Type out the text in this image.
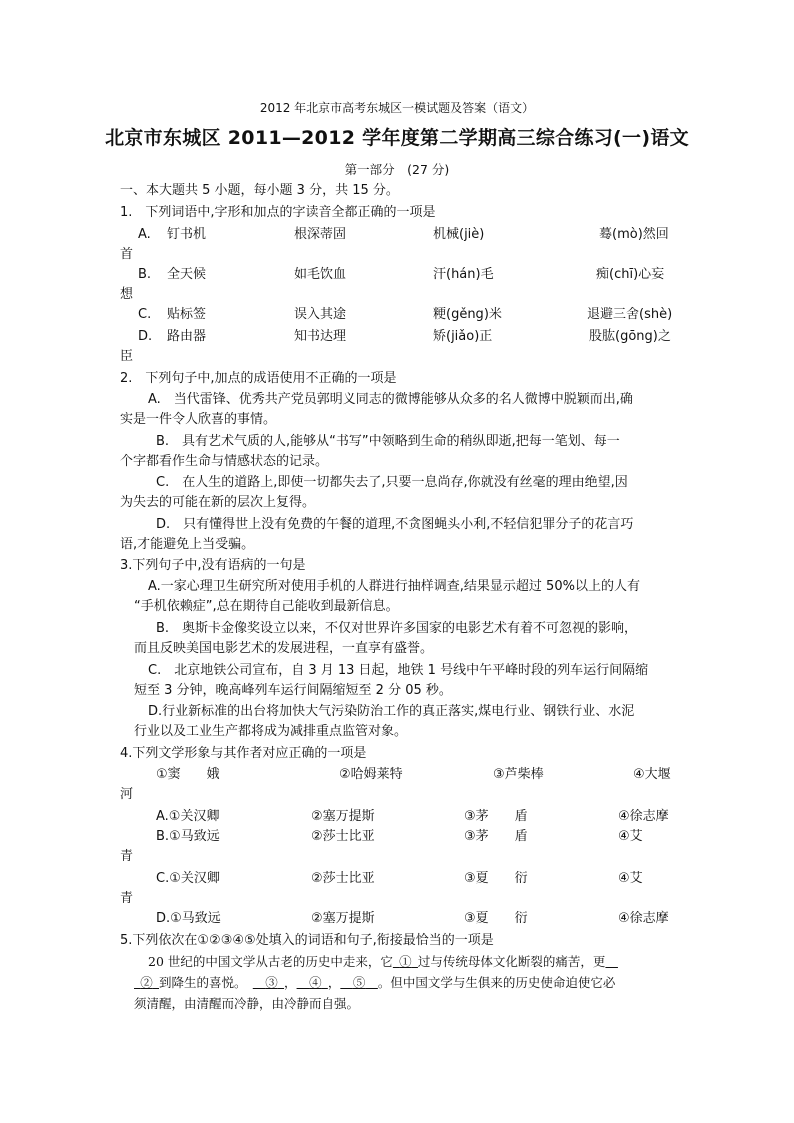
2012 年北京市高考东城区一模试题及答案（语文）
北京市东城区 2011—2012 学年度第二学期高三综合练习(一)语文
第一部分　(27 分)
一、本大题共 5 小题，每小题 3 分，共 15 分。
1.　下列词语中,字形和加点的字读音全都正确的一项是
A. 钉书机	根深蒂固	机械(jiè)	蓦(mò)然回
首
B. 全天候	如毛饮血	汗(hán)毛	痴(chī)心妄
想
C. 贴标签	误入其途	粳(gěng)米	退避三舍(shè)
D. 路由器	知书达理	矫(jiǎo)正	股肱(gōng)之
臣
2.　下列句子中,加点的成语使用不正确的一项是
A.　当代雷锋、优秀共产党员郭明义同志的微博能够从众多的名人微博中脱颖而出,确
实是一件令人欣喜的事情。
B.　具有艺术气质的人,能够从“书写”中领略到生命的稍纵即逝,把每一笔划、每一
个字都看作生命与情感状态的记录。
C.　在人生的道路上,即使一切都失去了,只要一息尚存,你就没有丝毫的理由绝望,因
为失去的可能在新的层次上复得。
D.　只有懂得世上没有免费的午餐的道理,不贪图蝇头小利,不轻信犯罪分子的花言巧
语,才能避免上当受骗。
3.下列句子中,没有语病的一句是
A.一家心理卫生研究所对使用手机的人群进行抽样调查,结果显示超过 50%以上的人有
“手机依赖症”,总在期待自己能收到最新信息。
B.　奥斯卡金像奖设立以来，不仅对世界许多国家的电影艺术有着不可忽视的影响，
而且反映美国电影艺术的发展进程，一直享有盛誉。
C.　北京地铁公司宣布，自 3 月 13 日起，地铁 1 号线中午平峰时段的列车运行间隔缩
短至 3 分钟，晚高峰列车运行间隔缩短至 2 分 05 秒。
D.行业新标准的出台将加快大气污染防治工作的真正落实,煤电行业、钢铁行业、水泥
行业以及工业生产都将成为减排重点监管对象。
4.下列文学形象与其作者对应正确的一项是
①窦　　娥	②哈姆莱特	③芦柴棒	④大堰
河
A.①关汉卿	②塞万提斯	③茅　　盾	④徐志摩
B.①马致远	②莎士比亚	③茅　　盾	④艾
青
C.①关汉卿	②莎士比亚	③夏　　衍	④艾
青
D.①马致远	②塞万提斯	③夏　　衍	④徐志摩
5.下列依次在①②③④⑤处填入的词语和句子,衔接最恰当的一项是
20 世纪的中国文学从古老的历史中走来，它  ①  过与传统母体文化断裂的痛苦，更  
 ②  到降生的喜悦。    ③  ，   ④  ，   ⑤   。但中国文学与生俱来的历史使命迫使它必
须清醒，由清醒而冷静，由冷静而自强。
